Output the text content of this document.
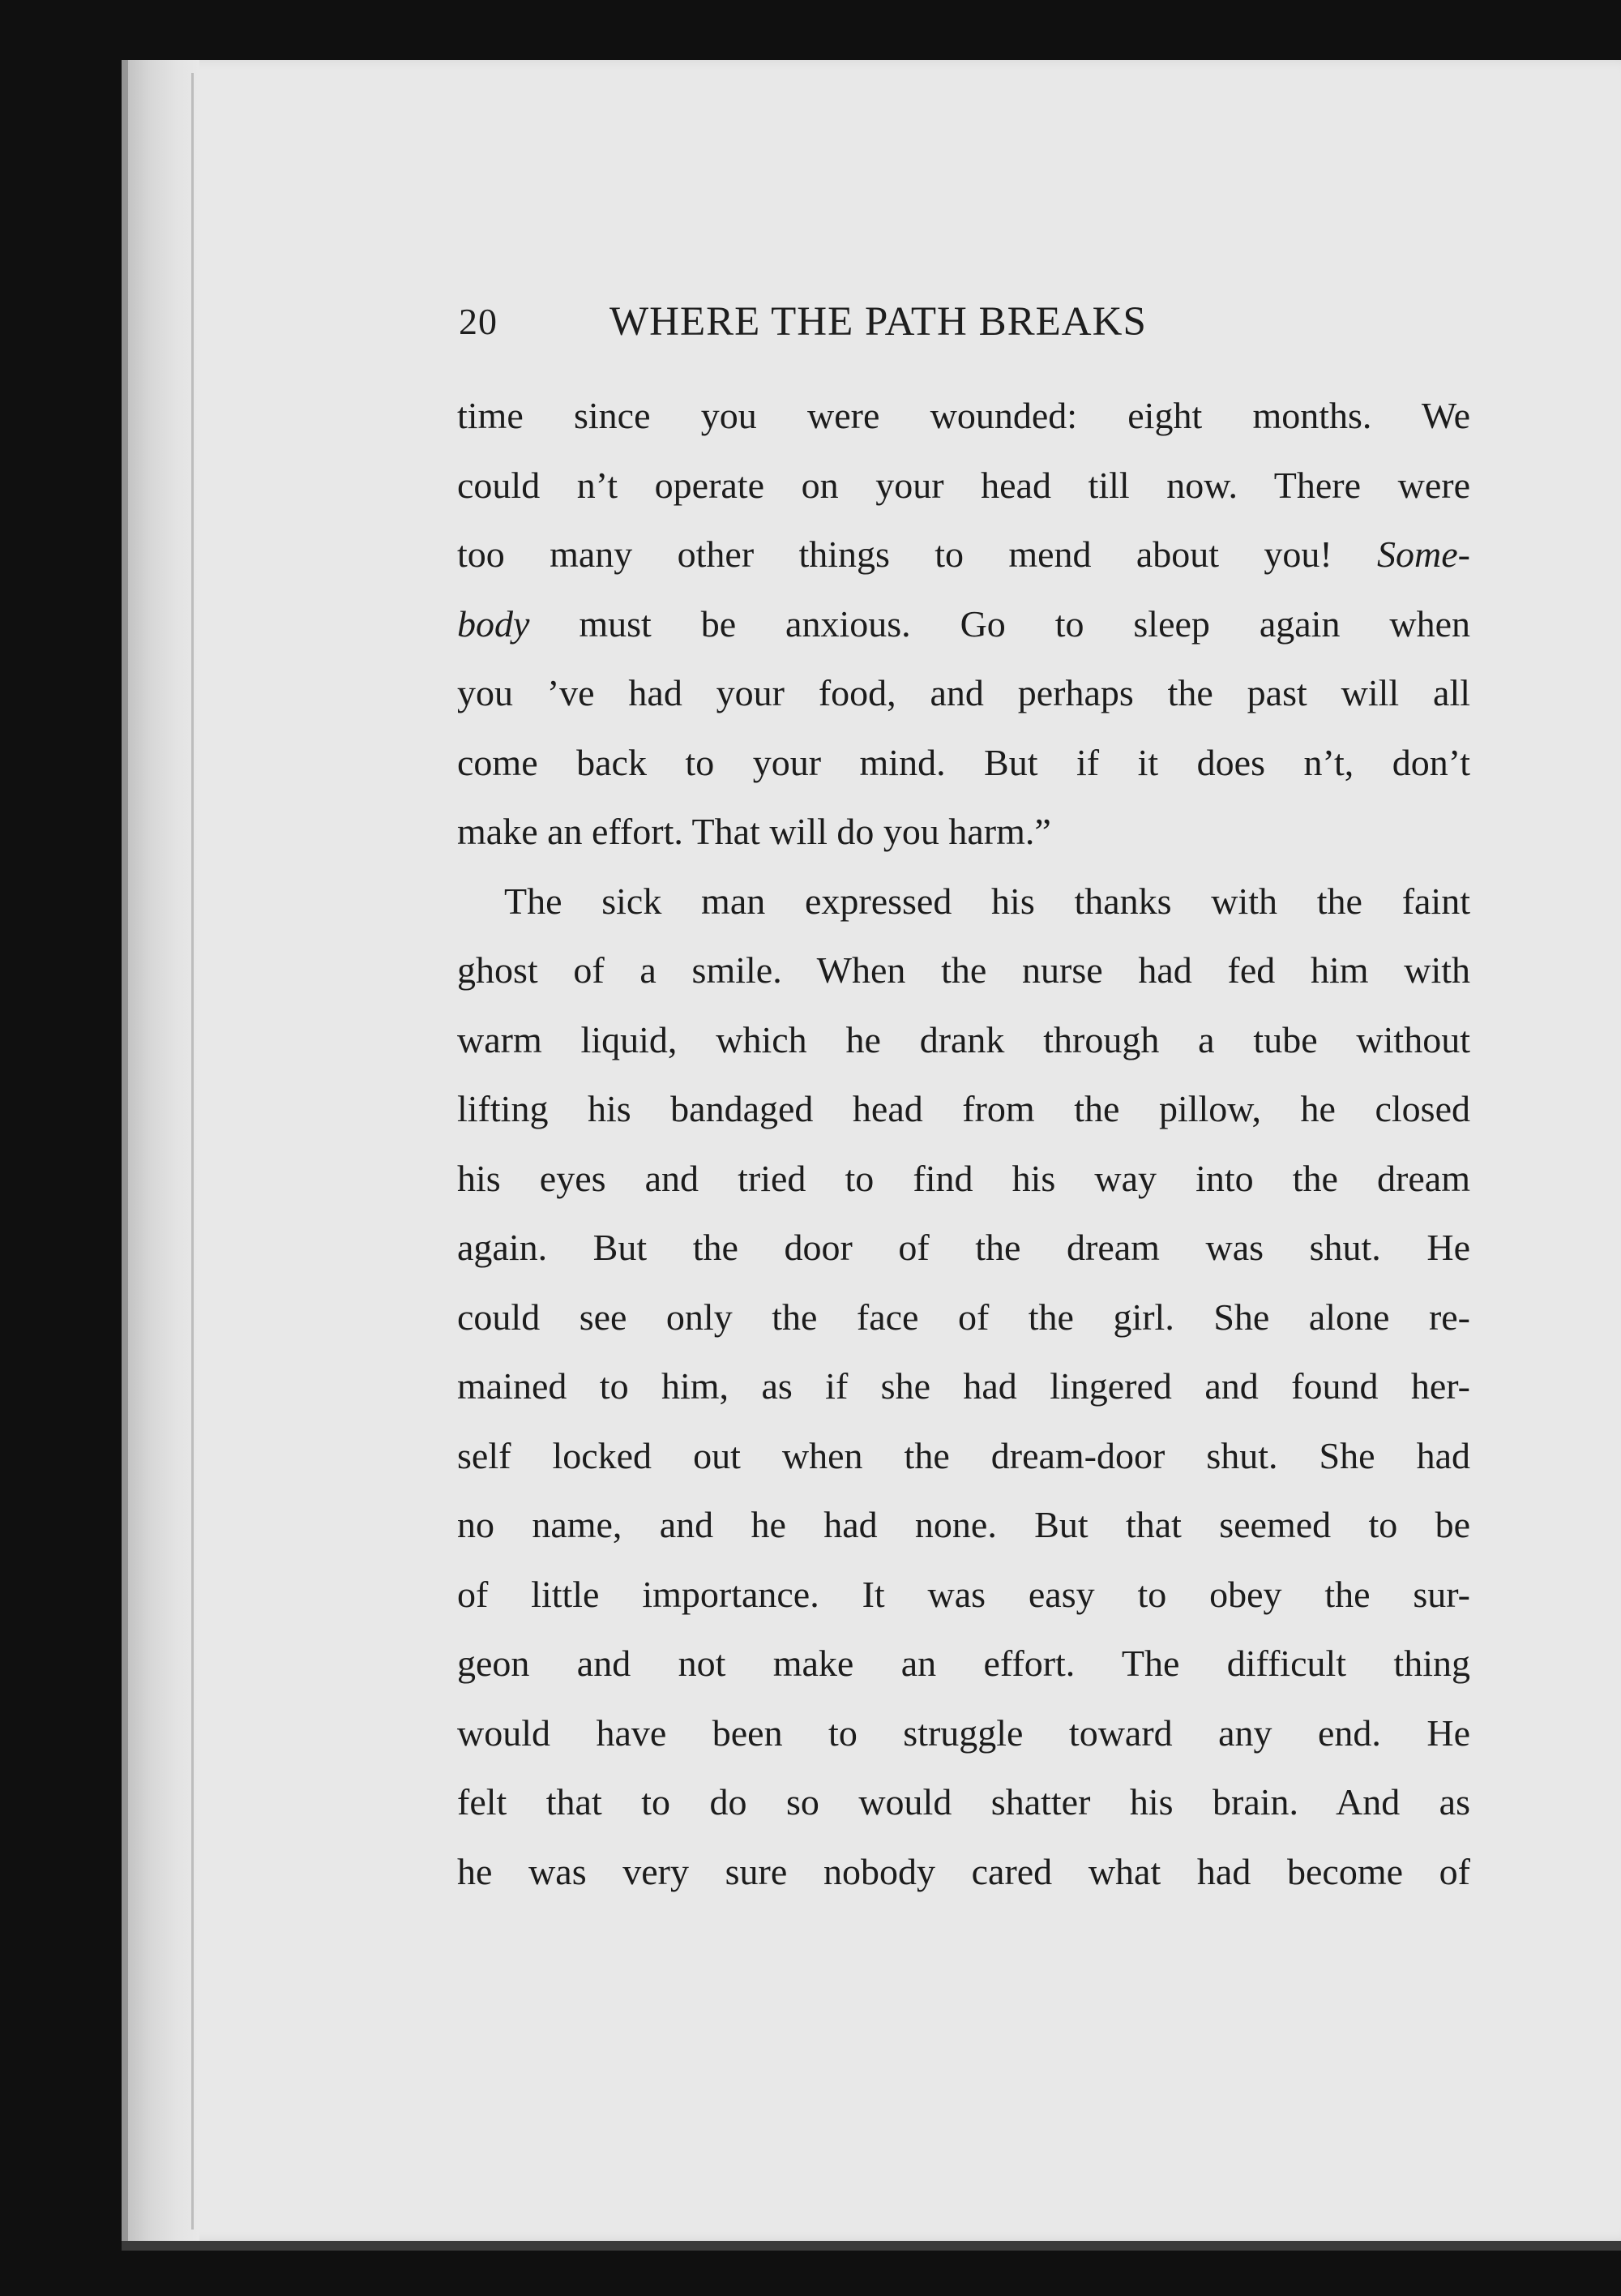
20	WHERE THE PATH BREAKS
time since you were wounded: eight months. We
could n’t operate on your head till now. There were
too many other things to mend about you! Some-
body must be anxious. Go to sleep again when
you ’ve had your food, and perhaps the past will all
come back to your mind. But if it does n’t, don’t
make an effort. That will do you harm.”
The sick man expressed his thanks with the faint
ghost of a smile. When the nurse had fed him with
warm liquid, which he drank through a tube without
lifting his bandaged head from the pillow, he closed
his eyes and tried to find his way into the dream
again. But the door of the dream was shut. He
could see only the face of the girl. She alone re-
mained to him, as if she had lingered and found her-
self locked out when the dream-door shut. She had
no name, and he had none. But that seemed to be
of little importance. It was easy to obey the sur-
geon and not make an effort. The difficult thing
would have been to struggle toward any end. He
felt that to do so would shatter his brain. And as
he was very sure nobody cared what had become of
